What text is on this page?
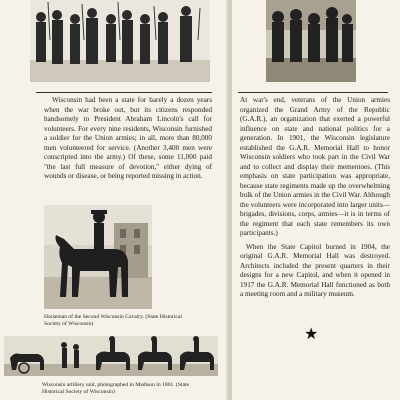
Wisconsin had been a state for barely a dozen years when the war broke out, but its citizens responded handsomely to President Abraham Lincoln's call for volunteers. For every nine residents, Wisconsin furnished a soldier for the Union armies; in all, more than 80,000 men volunteered for service. (Another 3,400 men were conscripted into the army.) Of these, some 11,000 paid "the last full measure of devotion," either dying of wounds or disease, or being reported missing in action.

Horseman of the Second Wisconsin Cavalry. (State Historical Society of Wisconsin)
Wisconsin artillery unit, photographed in Madison in 1861. (State Historical Society of Wisconsin)

At war's end, veterans of the Union armies organized the Grand Army of the Republic (G.A.R.), an organization that exerted a powerful influence on state and national politics for a generation. In 1901, the Wisconsin legislature established the G.A.R. Memorial Hall to honor Wisconsin soldiers who took part in the Civil War and to collect and display their mementoes. (This emphasis on state participation was appropriate, because state regiments made up the overwhelming bulk of the Union armies in the Civil War. Although the volunteers were incorporated into larger units—brigades, divisions, corps, armies—it is in terms of the regiment that each state remembers its own participants.)

When the State Capitol burned in 1904, the original G.A.R. Memorial Hall was destroyed. Architects included the present quarters in their designs for a new Capitol, and when it opened in 1917 the G.A.R. Memorial Hall functioned as both a meeting room and a military museum.

★
